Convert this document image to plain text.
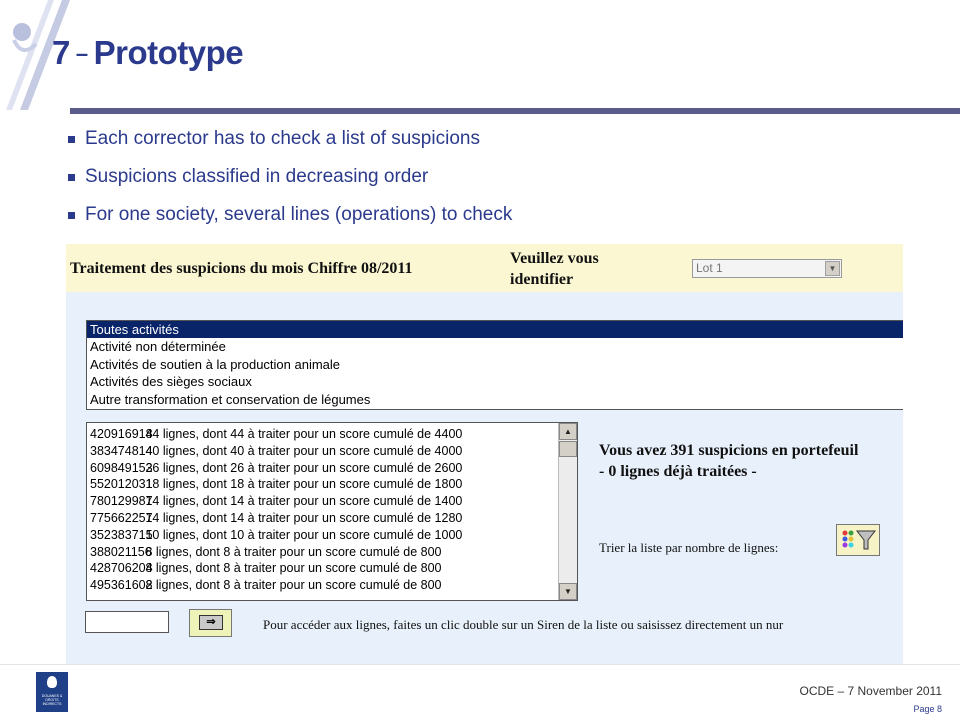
7 – Prototype
Each corrector has to check a list of suspicions
Suspicions classified in decreasing order
For one society, several lines (operations) to check
Traitement des suspicions du mois Chiffre 08/2011
Veuillez vous identifier
Lot 1	▼
Toutes activités
Activité non déterminée
Activités de soutien à la production animale
Activités des sièges sociaux
Autre transformation et conservation de légumes
420916918 44 lignes, dont 44 à traiter pour un score cumulé de 4400
383474814 40 lignes, dont 40 à traiter pour un score cumulé de 4000
609849153 26 lignes, dont 26 à traiter pour un score cumulé de 2600
552012031 18 lignes, dont 18 à traiter pour un score cumulé de 1800
780129987 14 lignes, dont 14 à traiter pour un score cumulé de 1400
775662257 14 lignes, dont 14 à traiter pour un score cumulé de 1280
352383715 10 lignes, dont 10 à traiter pour un score cumulé de 1000
388021156 8 lignes, dont 8 à traiter pour un score cumulé de 800
428706204 8 lignes, dont 8 à traiter pour un score cumulé de 800
495361602 8 lignes, dont 8 à traiter pour un score cumulé de 800
▲
▼
Vous avez 391 suspicions en portefeuil
- 0 lignes déjà traitées -
Trier la liste par nombre de lignes:
⇒	Pour accéder aux lignes, faites un clic double sur un Siren de la liste ou saisissez directement un nur
DOUANES & DROITS INDIRECTS
OCDE – 7 November 2011
Page 8
